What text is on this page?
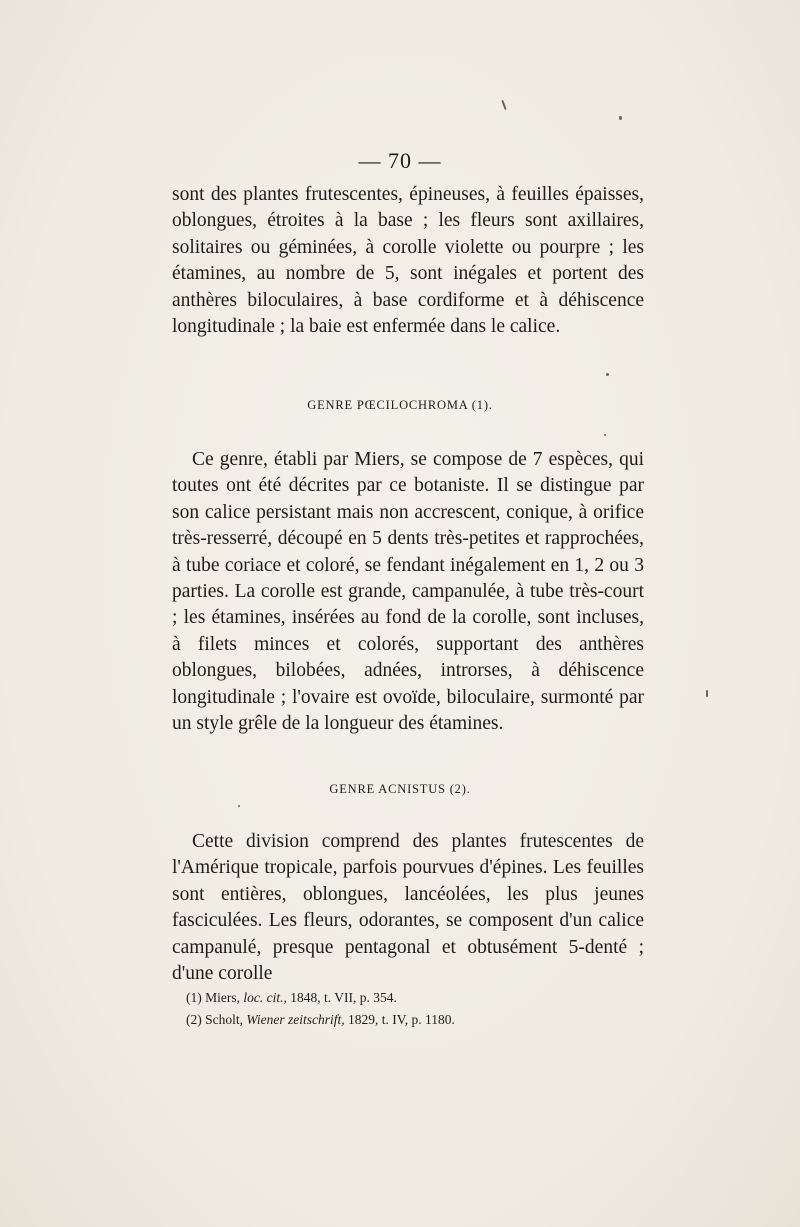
— 70 —

sont des plantes frutescentes, épineuses, à feuilles épaisses, oblongues, étroites à la base ; les fleurs sont axillaires, solitaires ou géminées, à corolle violette ou pourpre ; les étamines, au nombre de 5, sont inégales et portent des anthères biloculaires, à base cordiforme et à déhiscence longitudinale ; la baie est enfermée dans le calice.

GENRE PŒCILOCHROMA (1).

Ce genre, établi par Miers, se compose de 7 espèces, qui toutes ont été décrites par ce botaniste. Il se distingue par son calice persistant mais non accrescent, conique, à orifice très-resserré, découpé en 5 dents très-petites et rapprochées, à tube coriace et coloré, se fendant inégalement en 1, 2 ou 3 parties. La corolle est grande, campanulée, à tube très-court ; les étamines, insérées au fond de la corolle, sont incluses, à filets minces et colorés, supportant des anthères oblongues, bilobées, adnées, introrses, à déhiscence longitudinale ; l'ovaire est ovoïde, biloculaire, surmonté par un style grêle de la longueur des étamines.

GENRE ACNISTUS (2).

Cette division comprend des plantes frutescentes de l'Amérique tropicale, parfois pourvues d'épines. Les feuilles sont entières, oblongues, lancéolées, les plus jeunes fasciculées. Les fleurs, odorantes, se composent d'un calice campanulé, presque pentagonal et obtusément 5-denté ; d'une corolle

(1) Miers, loc. cit., 1848, t. VII, p. 354.
(2) Scholt, Wiener zeitschrift, 1829, t. IV, p. 1180.
